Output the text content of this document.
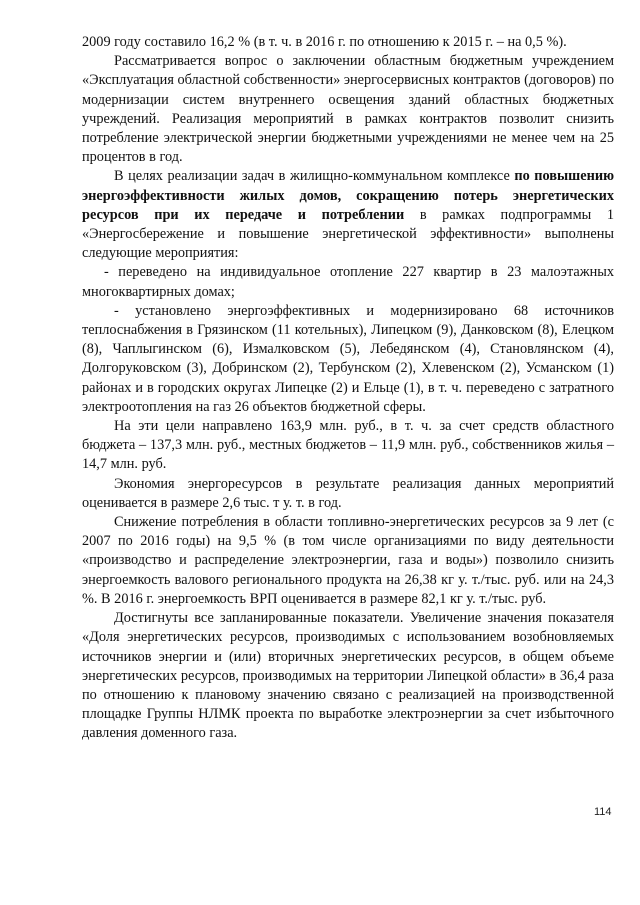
2009 году составило 16,2 % (в т. ч. в 2016 г. по отношению к 2015 г. – на 0,5 %).

Рассматривается вопрос о заключении областным бюджетным учреждением «Эксплуатация областной собственности» энергосервисных контрактов (договоров) по модернизации систем внутреннего освещения зданий областных бюджетных учреждений. Реализация мероприятий в рамках контрактов позволит снизить потребление электрической энергии бюджетными учреждениями не менее чем на 25 процентов в год.

В целях реализации задач в жилищно-коммунальном комплексе по повышению энергоэффективности жилых домов, сокращению потерь энергетических ресурсов при их передаче и потреблении в рамках подпрограммы 1 «Энергосбережение и повышение энергетической эффективности» выполнены следующие мероприятия:

- переведено на индивидуальное отопление 227 квартир в 23 малоэтажных многоквартирных домах;

- установлено энергоэффективных и модернизировано 68 источников теплоснабжения в Грязинском (11 котельных), Липецком (9), Данковском (8), Елецком (8), Чаплыгинском (6), Измалковском (5), Лебедянском (4), Становлянском (4), Долгоруковском (3), Добринском (2), Тербунском (2), Хлевенском (2), Усманском (1) районах и в городских округах Липецке (2) и Ельце (1), в т. ч. переведено с затратного электроотопления на газ 26 объектов бюджетной сферы.

На эти цели направлено 163,9 млн. руб., в т. ч. за счет средств областного бюджета – 137,3 млн. руб., местных бюджетов – 11,9 млн. руб., собственников жилья – 14,7 млн. руб.

Экономия энергоресурсов в результате реализация данных мероприятий оценивается в размере 2,6 тыс. т у. т. в год.

Снижение потребления в области топливно-энергетических ресурсов за 9 лет (с 2007 по 2016 годы) на 9,5 % (в том числе организациями по виду деятельности «производство и распределение электроэнергии, газа и воды») позволило снизить энергоемкость валового регионального продукта на 26,38 кг у. т./тыс. руб. или на 24,3 %. В 2016 г. энергоемкость ВРП оценивается в размере 82,1 кг у. т./тыс. руб.

Достигнуты все запланированные показатели. Увеличение значения показателя «Доля энергетических ресурсов, производимых с использованием возобновляемых источников энергии и (или) вторичных энергетических ресурсов, в общем объеме энергетических ресурсов, производимых на территории Липецкой области» в 36,4 раза по отношению к плановому значению связано с реализацией на производственной площадке Группы НЛМК проекта по выработке электроэнергии за счет избыточного давления доменного газа.

114
